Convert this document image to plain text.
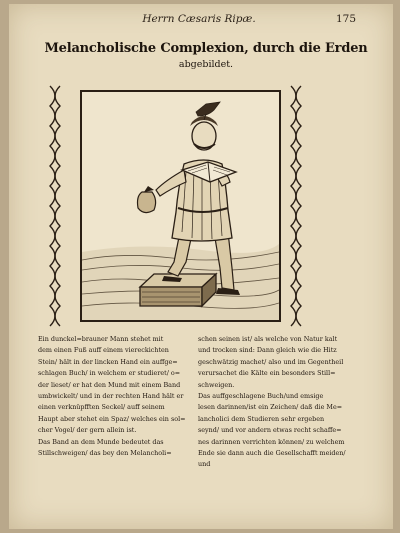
Herrn Cæsaris Ripæ.	175
Melancholische Complexion, durch die Erden
abgebildet.
Ein dunckel=brauner Mann stehet mit
dem einen Fuß auff einem viereckichten
Stein/ hält in der lincken Hand ein auffge=
schlagen Buch/ in welchem er studieret/ o=
der lieset/ er hat den Mund mit einem Band
umbwickelt/ und in der rechten Hand hält er
einen verknüpfften Seckel/ auff seinem
Haupt aber stehet ein Spaz/ welches ein sol=
cher Vogel/ der gern allein ist.
Das Band an dem Munde bedeutet das
Stillschweigen/ das bey den Melancholi=
schen seinen ist/ als welche von Natur kalt
und trocken sind: Dann gleich wie die Hitz
geschwätzig machet/ also und im Gegentheil
verursachet die Kälte ein besonders Still=
schweigen.
Das auffgeschlagene Buch/und emsige
lesen darinnen/ist ein Zeichen/ daß die Me=
lancholici dem Studieren sehr ergeben
seynd/ und vor andern etwas recht schaffe=
nes darinnen verrichten können/ zu welchem
Ende sie dann auch die Gesellschafft meiden/
und
